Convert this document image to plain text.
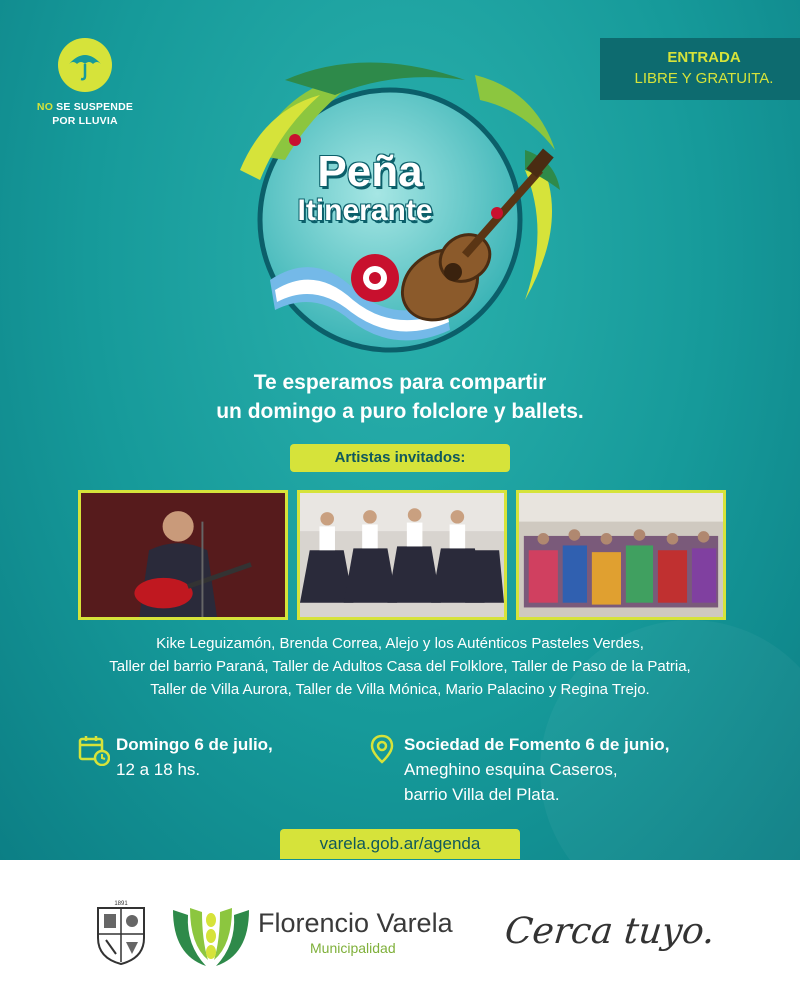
NO SE SUSPENDE
POR LLUVIA
ENTRADA
LIBRE Y GRATUITA.
Peña
Itinerante
Te esperamos para compartir
un domingo a puro folclore y ballets.
Artistas invitados:
Kike Leguizamón, Brenda Correa, Alejo y los Auténticos Pasteles Verdes,
Taller del barrio Paraná, Taller de Adultos Casa del Folklore, Taller de Paso de la Patria,
Taller de Villa Aurora, Taller de Villa Mónica, Mario Palacino y Regina Trejo.
Domingo 6 de julio,
12 a 18 hs.
Sociedad de Fomento 6 de junio,
Ameghino esquina Caseros,
barrio Villa del Plata.
varela.gob.ar/agenda
1891
Florencio Varela
Municipalidad	Cerca tuyo.
